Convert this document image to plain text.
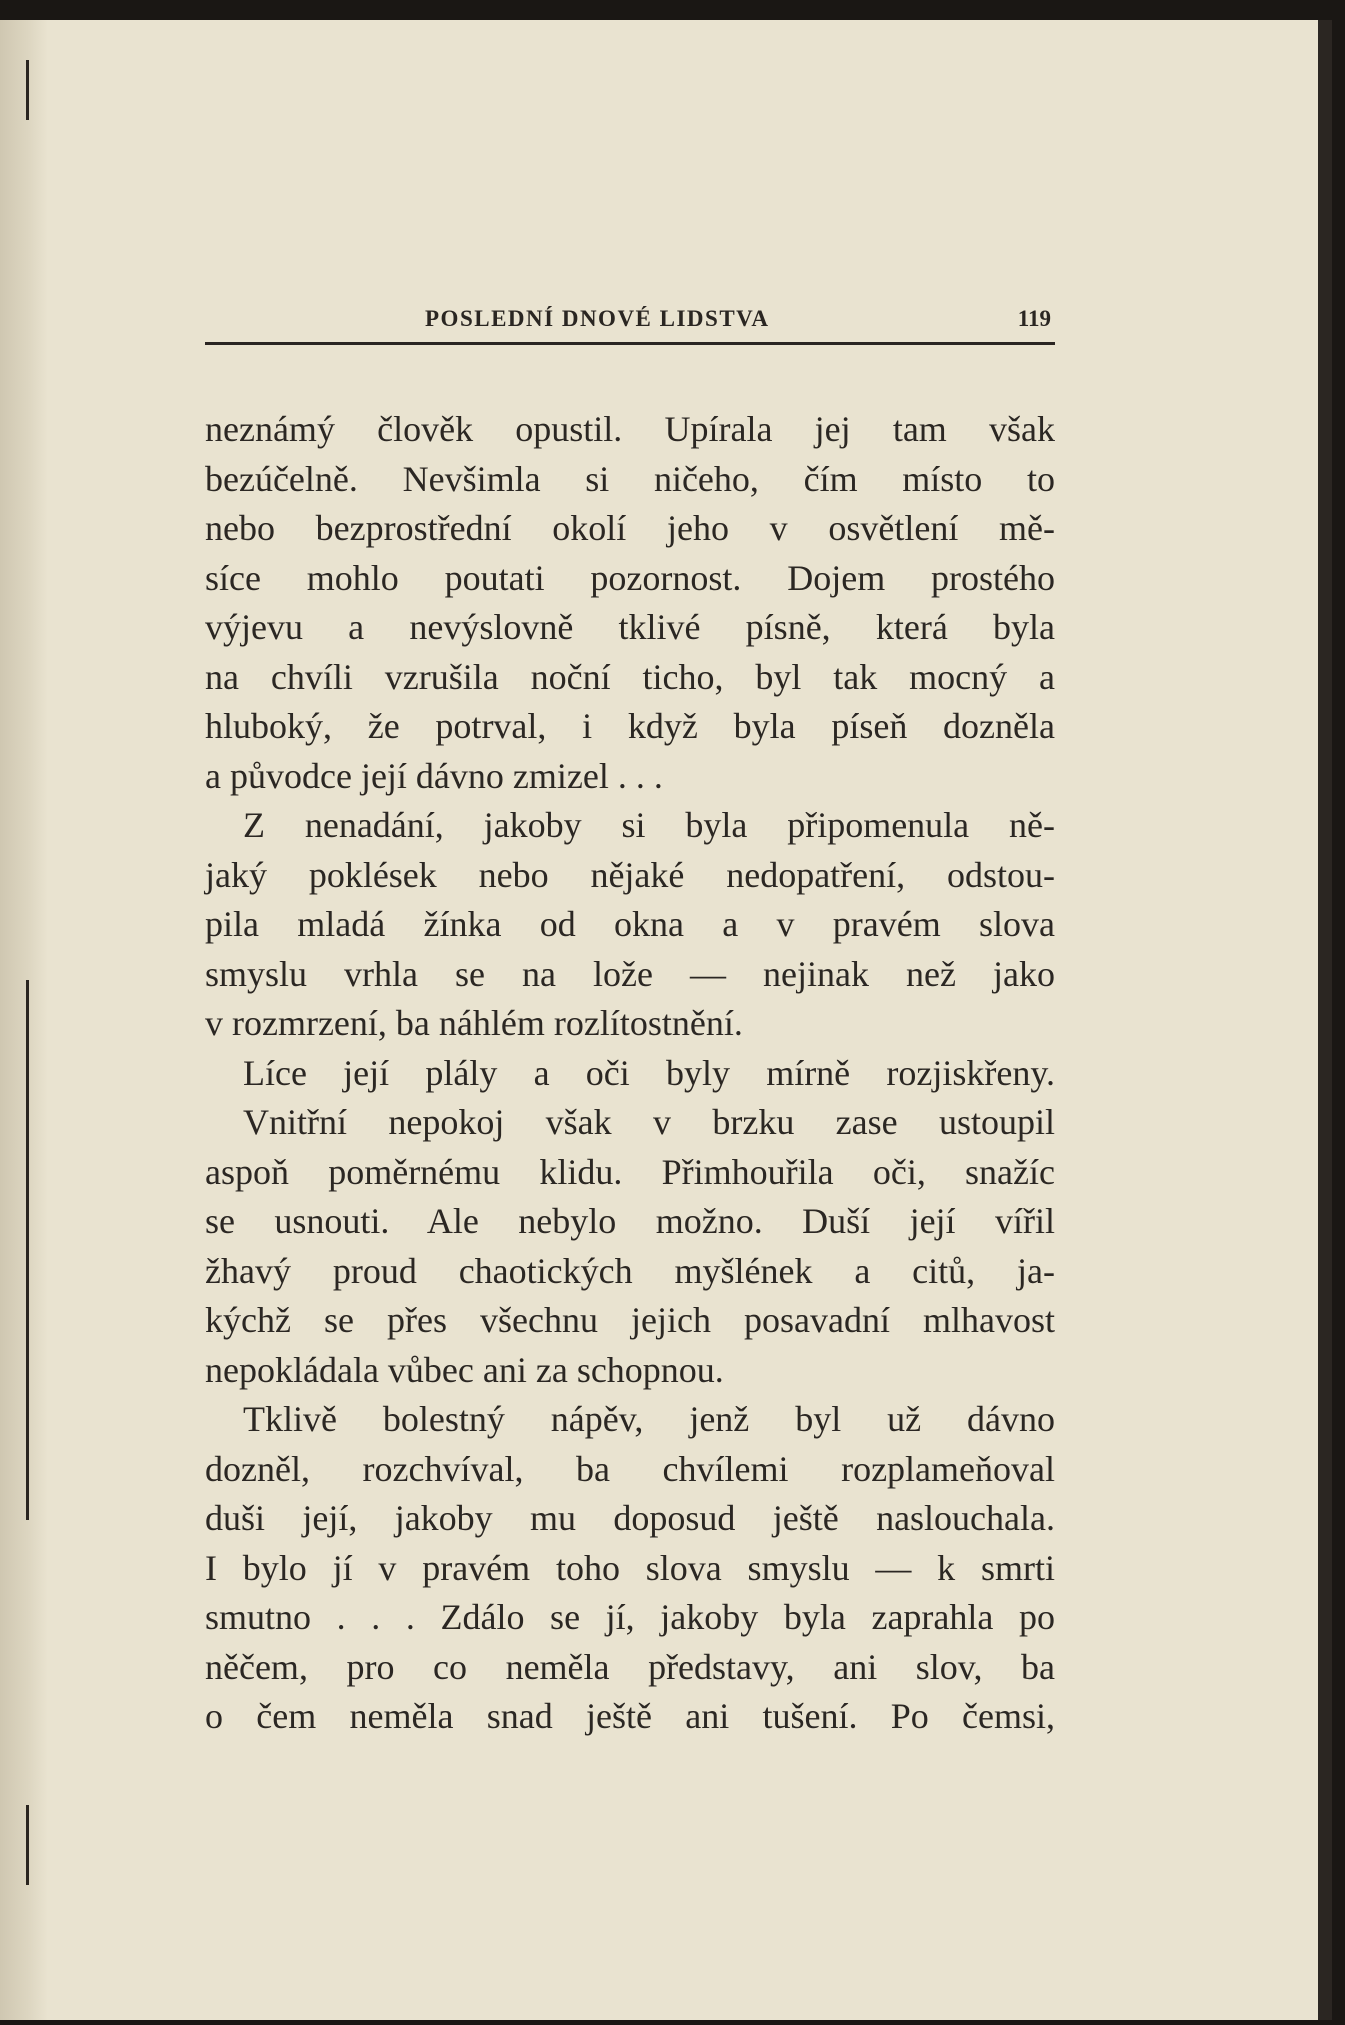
POSLEDNÍ DNOVÉ LIDSTVA	119
neznámý člověk opustil. Upírala jej tam však
bezúčelně. Nevšimla si ničeho, čím místo to
nebo bezprostřední okolí jeho v osvětlení mě-
síce mohlo poutati pozornost. Dojem prostého
výjevu a nevýslovně tklivé písně, která byla
na chvíli vzrušila noční ticho, byl tak mocný a
hluboký, že potrval, i když byla píseň dozněla
a původce její dávno zmizel . . .
Z nenadání, jakoby si byla připomenula ně-
jaký poklések nebo nějaké nedopatření, odstou-
pila mladá žínka od okna a v pravém slova
smyslu vrhla se na lože — nejinak než jako
v rozmrzení, ba náhlém rozlítostnění.
Líce její plály a oči byly mírně rozjiskřeny.
Vnitřní nepokoj však v brzku zase ustoupil
aspoň poměrnému klidu. Přimhouřila oči, snažíc
se usnouti. Ale nebylo možno. Duší její vířil
žhavý proud chaotických myšlének a citů, ja-
kýchž se přes všechnu jejich posavadní mlhavost
nepokládala vůbec ani za schopnou.
Tklivě bolestný nápěv, jenž byl už dávno
dozněl, rozchvíval, ba chvílemi rozplameňoval
duši její, jakoby mu doposud ještě naslouchala.
I bylo jí v pravém toho slova smyslu — k smrti
smutno . . . Zdálo se jí, jakoby byla zaprahla po
něčem, pro co neměla představy, ani slov, ba
o čem neměla snad ještě ani tušení. Po čemsi,
